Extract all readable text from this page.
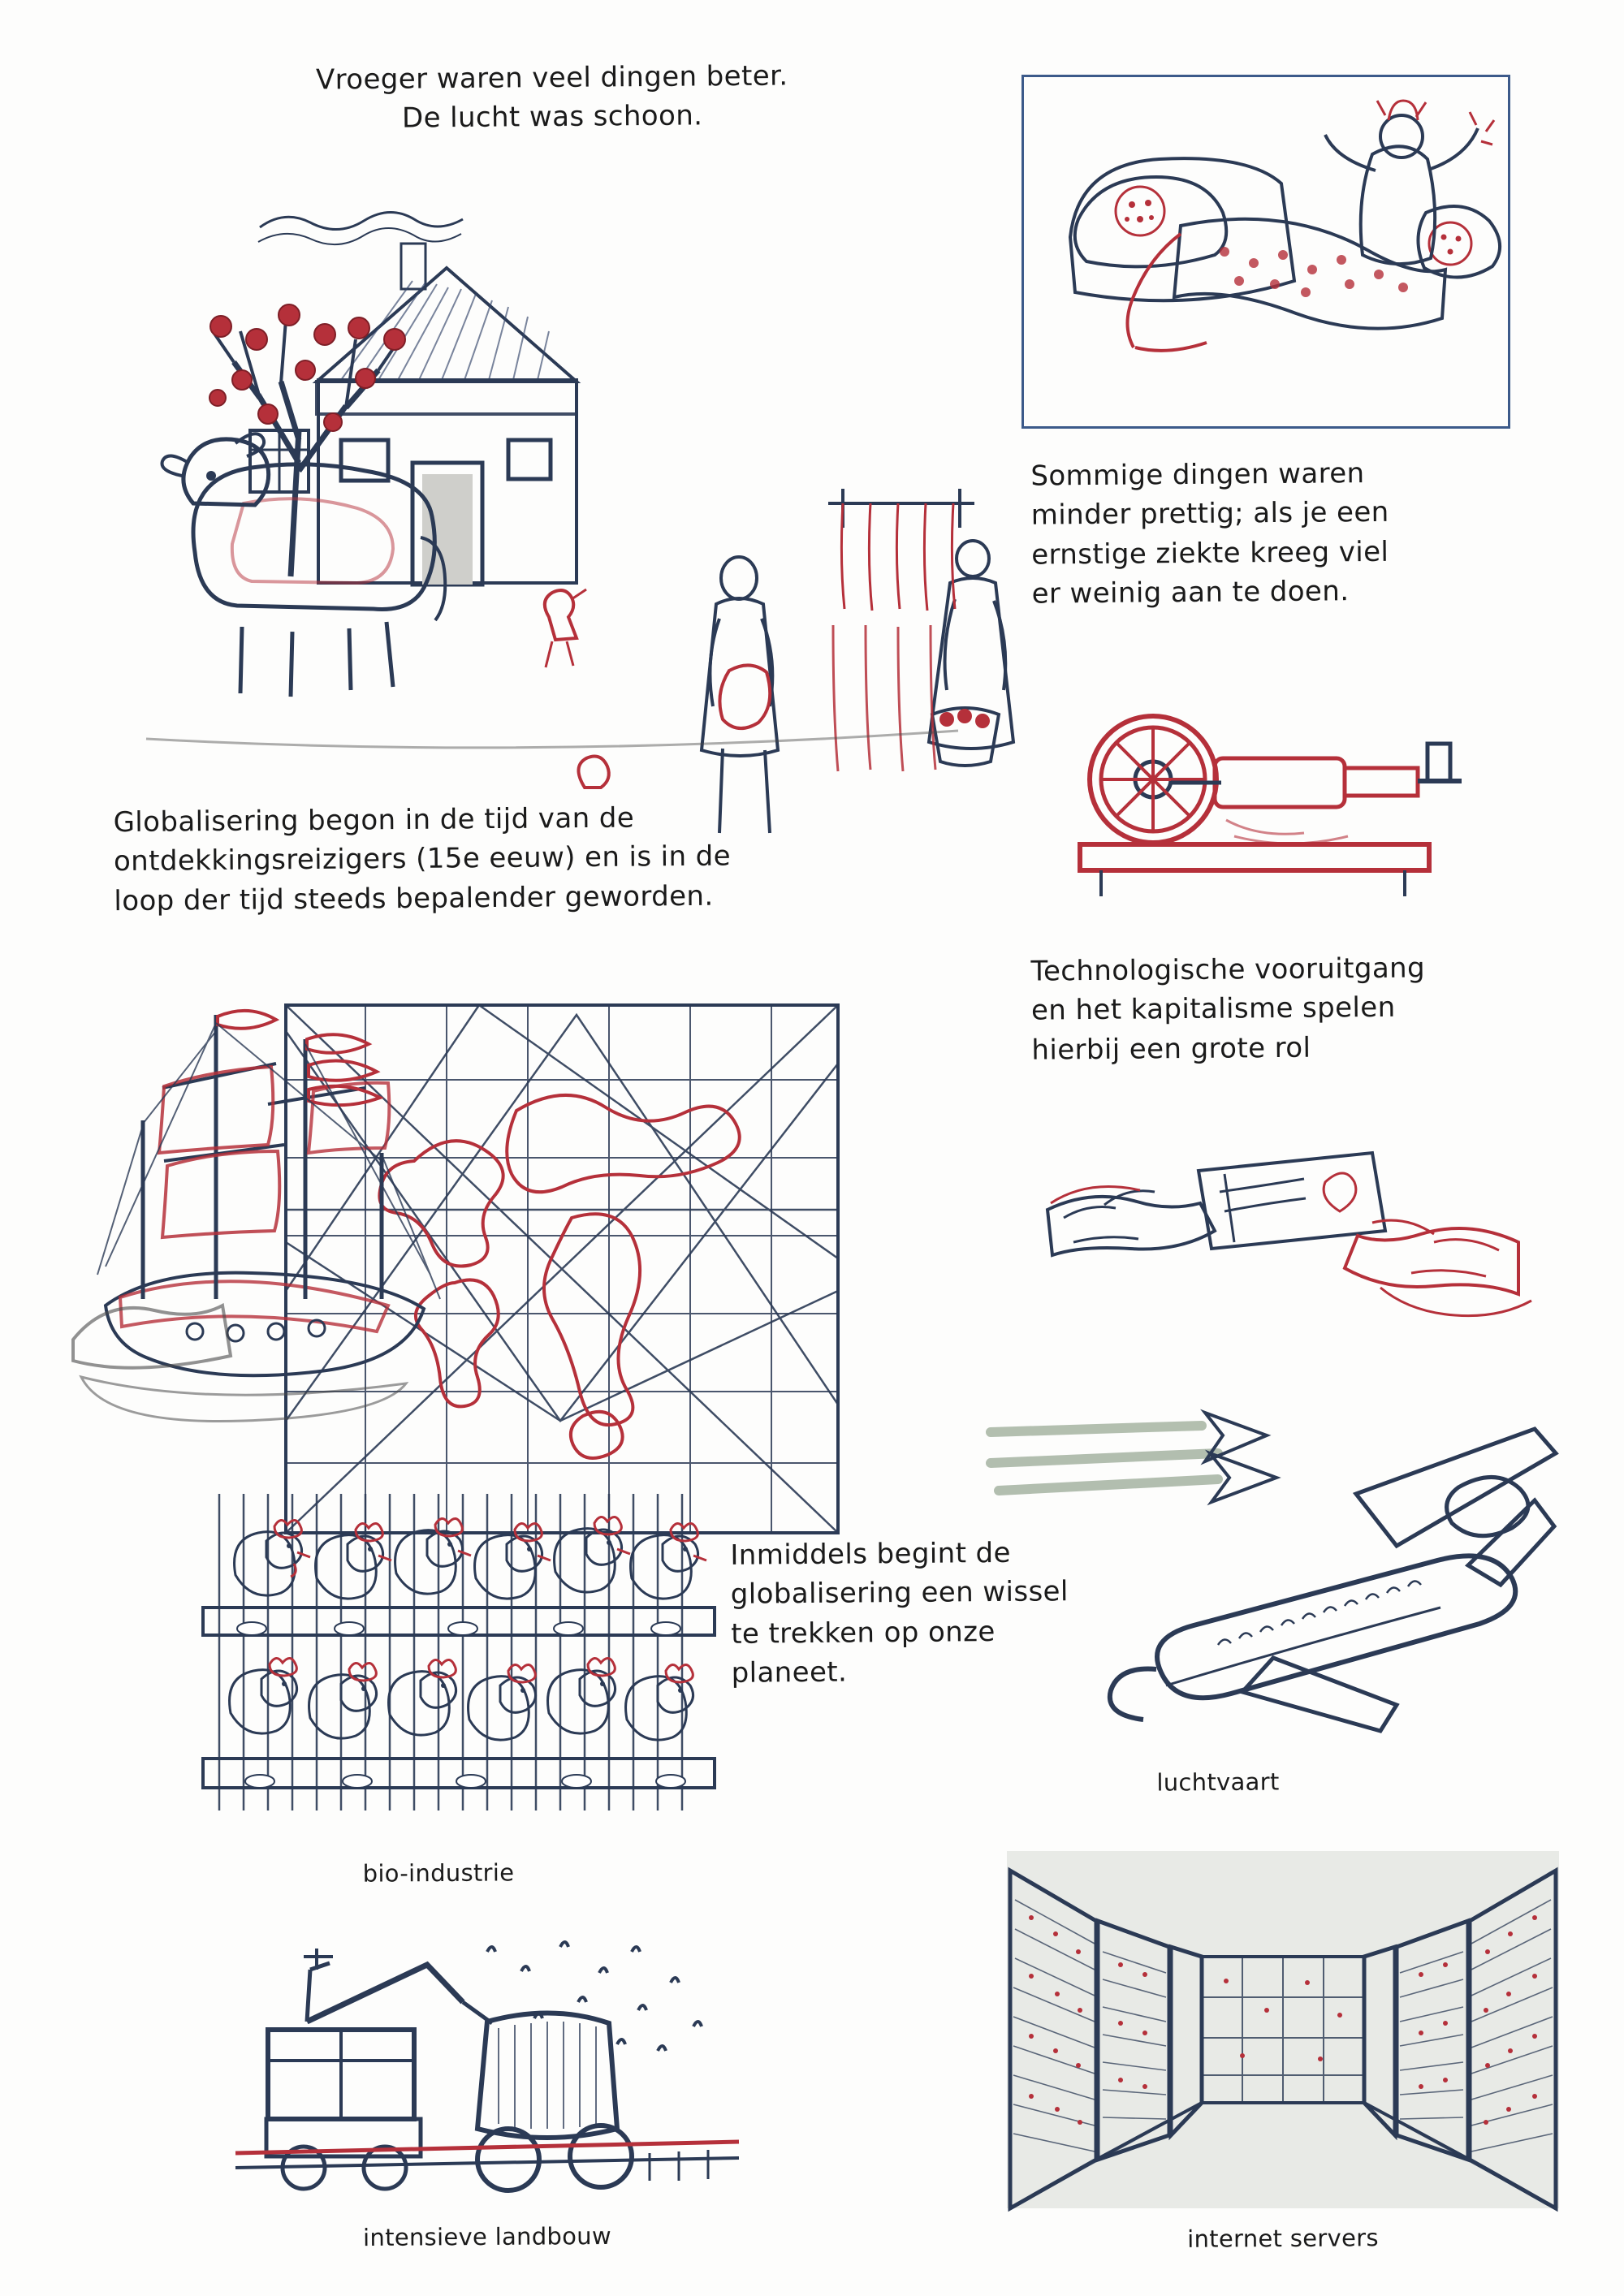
Vroeger waren veel dingen beter.
De lucht was schoon.
Sommige dingen waren
minder prettig; als je een
ernstige ziekte kreeg viel
er weinig aan te doen.
Technologische vooruitgang
en het kapitalisme spelen
hierbij een grote rol
Globalisering begon in de tijd van de
ontdekkingsreizigers (15e eeuw) en is in de
loop der tijd steeds bepalender geworden.
Inmiddels begint de
globalisering een wissel
te trekken op onze
planeet.
bio-industrie
luchtvaart
intensieve landbouw	internet servers
